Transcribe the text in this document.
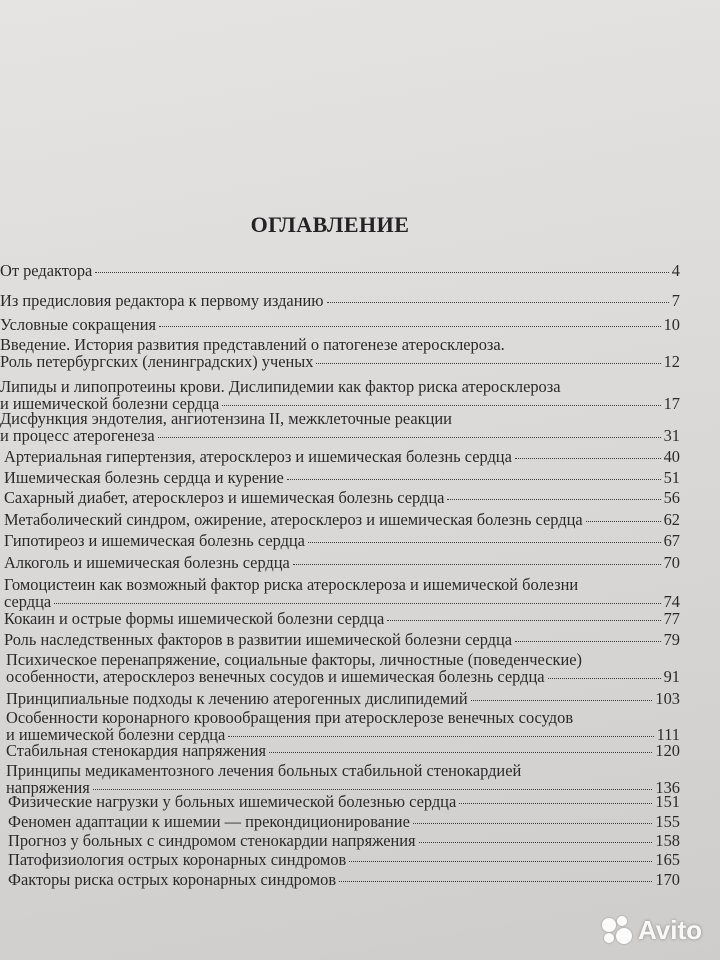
ОГЛАВЛЕНИЕ
От редактора	4
Из предисловия редактора к первому изданию	7
Условные сокращения	10
Введение. История развития представлений о патогенезе атеросклероза.
Роль петербургских (ленинградских) ученых	12
Липиды и липопротеины крови. Дислипидемии как фактор риска атеросклероза
и ишемической болезни сердца	17
Дисфункция эндотелия, ангиотензина II, межклеточные реакции
и процесс атерогенеза	31
Артериальная гипертензия, атеросклероз и ишемическая болезнь сердца	40
Ишемическая болезнь сердца и курение	51
Сахарный диабет, атеросклероз и ишемическая болезнь сердца	56
Метаболический синдром, ожирение, атеросклероз и ишемическая болезнь сердца	62
Гипотиреоз и ишемическая болезнь сердца	67
Алкоголь и ишемическая болезнь сердца	70
Гомоцистеин как возможный фактор риска атеросклероза и ишемической болезни
сердца	74
Кокаин и острые формы ишемической болезни сердца	77
Роль наследственных факторов в развитии ишемической болезни сердца	79
Психическое перенапряжение, социальные факторы, личностные (поведенческие)
особенности, атеросклероз венечных сосудов и ишемическая болезнь сердца	91
Принципиальные подходы к лечению атерогенных дислипидемий	103
Особенности коронарного кровообращения при атеросклерозе венечных сосудов
и ишемической болезни сердца	111
Стабильная стенокардия напряжения	120
Принципы медикаментозного лечения больных стабильной стенокардией
напряжения	136
Физические нагрузки у больных ишемической болезнью сердца	151
Феномен адаптации к ишемии — прекондиционирование	155
Прогноз у больных с синдромом стенокардии напряжения	158
Патофизиология острых коронарных синдромов	165
Факторы риска острых коронарных синдромов	170
Avito
